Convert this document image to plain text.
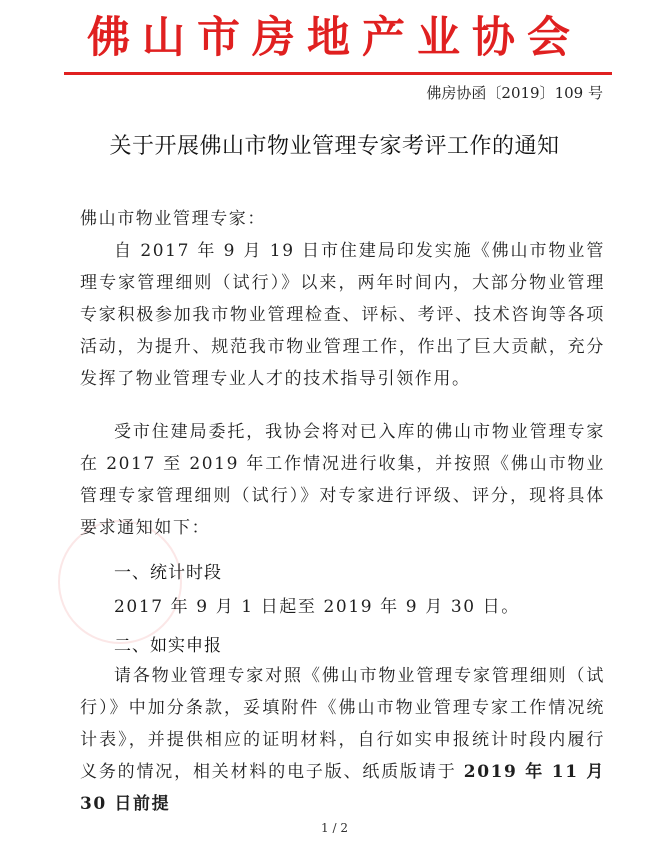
佛山市房地产业协会
佛房协函〔2019〕109 号
关于开展佛山市物业管理专家考评工作的通知
佛山市物业管理专家：
自 2017 年 9 月 19 日市住建局印发实施《佛山市物业管理专家管理细则（试行）》以来，两年时间内，大部分物业管理专家积极参加我市物业管理检查、评标、考评、技术咨询等各项活动，为提升、规范我市物业管理工作，作出了巨大贡献，充分发挥了物业管理专业人才的技术指导引领作用。
受市住建局委托，我协会将对已入库的佛山市物业管理专家在 2017 至 2019 年工作情况进行收集，并按照《佛山市物业管理专家管理细则（试行）》对专家进行评级、评分，现将具体要求通知如下：
一、统计时段
2017 年 9 月 1 日起至 2019 年 9 月 30 日。
二、如实申报
请各物业管理专家对照《佛山市物业管理专家管理细则（试行）》中加分条款，妥填附件《佛山市物业管理专家工作情况统计表》，并提供相应的证明材料，自行如实申报统计时段内履行义务的情况，相关材料的电子版、纸质版请于 2019 年 11 月 30 日前提
1 / 2
